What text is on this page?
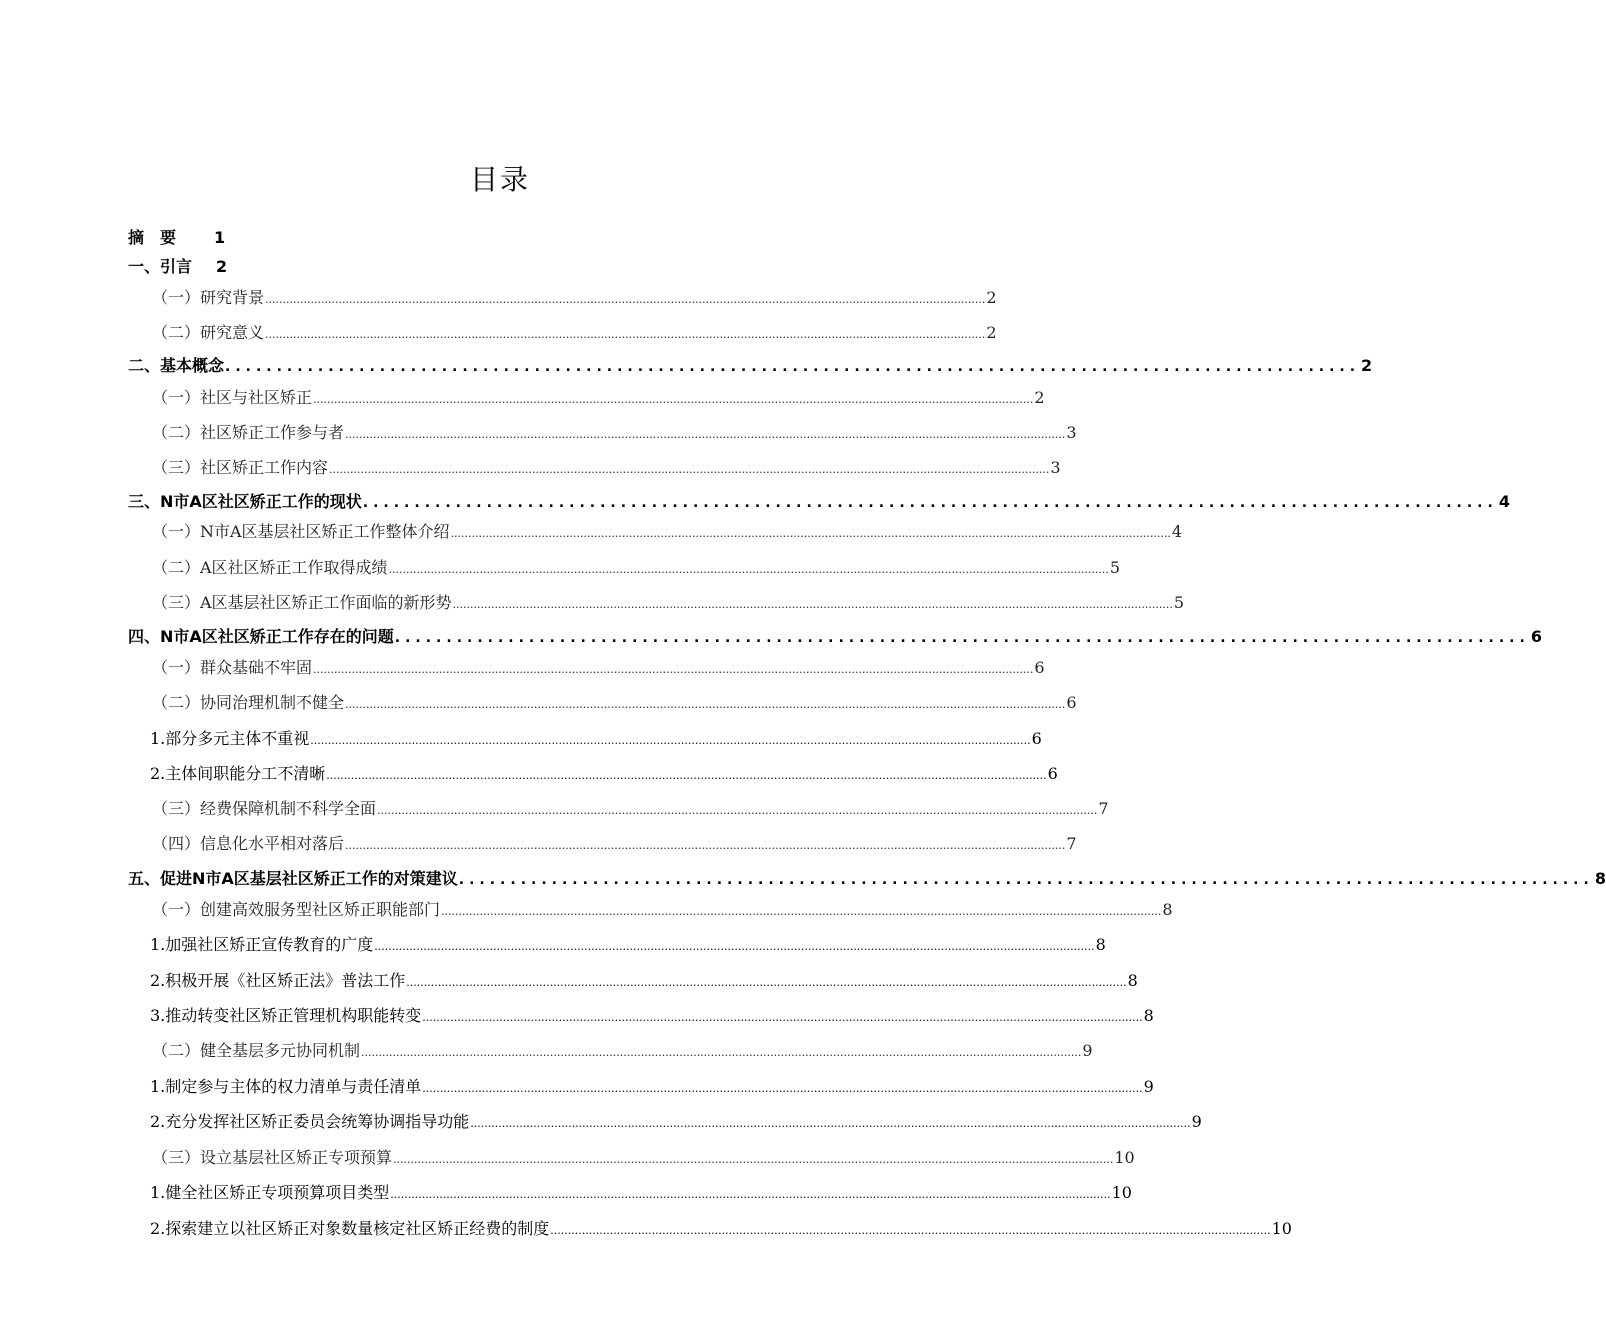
目录
摘　要 1
一、引言 2
（一）研究背景 .............................................................................................................................................................................................................. 2
（二）研究意义 .............................................................................................................................................................................................................. 2
二、基本概念 .............................................................................................................. 2
（一）社区与社区矫正 .............................................................................................................................................................................................................. 2
（二）社区矫正工作参与者 .............................................................................................................................................................................................................. 3
（三）社区矫正工作内容 .............................................................................................................................................................................................................. 3
三、N市A区社区矫正工作的现状 .............................................................................................................. 4
（一）N市A区基层社区矫正工作整体介绍 .............................................................................................................................................................................................................. 4
（二）A区社区矫正工作取得成绩 .............................................................................................................................................................................................................. 5
（三）A区基层社区矫正工作面临的新形势 .............................................................................................................................................................................................................. 5
四、N市A区社区矫正工作存在的问题 .............................................................................................................. 6
（一）群众基础不牢固 .............................................................................................................................................................................................................. 6
（二）协同治理机制不健全 .............................................................................................................................................................................................................. 6
1.部分多元主体不重视 .............................................................................................................................................................................................................. 6
2.主体间职能分工不清晰 .............................................................................................................................................................................................................. 6
（三）经费保障机制不科学全面 .............................................................................................................................................................................................................. 7
（四）信息化水平相对落后 .............................................................................................................................................................................................................. 7
五、促进N市A区基层社区矫正工作的对策建议 .............................................................................................................. 8
（一）创建高效服务型社区矫正职能部门 .............................................................................................................................................................................................................. 8
1.加强社区矫正宣传教育的广度 .............................................................................................................................................................................................................. 8
2.积极开展《社区矫正法》普法工作 .............................................................................................................................................................................................................. 8
3.推动转变社区矫正管理机构职能转变 .............................................................................................................................................................................................................. 8
（二）健全基层多元协同机制 .............................................................................................................................................................................................................. 9
1.制定参与主体的权力清单与责任清单 .............................................................................................................................................................................................................. 9
2.充分发挥社区矫正委员会统筹协调指导功能 .............................................................................................................................................................................................................. 9
（三）设立基层社区矫正专项预算 .............................................................................................................................................................................................................. 10
1.健全社区矫正专项预算项目类型 .............................................................................................................................................................................................................. 10
2.探索建立以社区矫正对象数量核定社区矫正经费的制度 .............................................................................................................................................................................................................. 10
